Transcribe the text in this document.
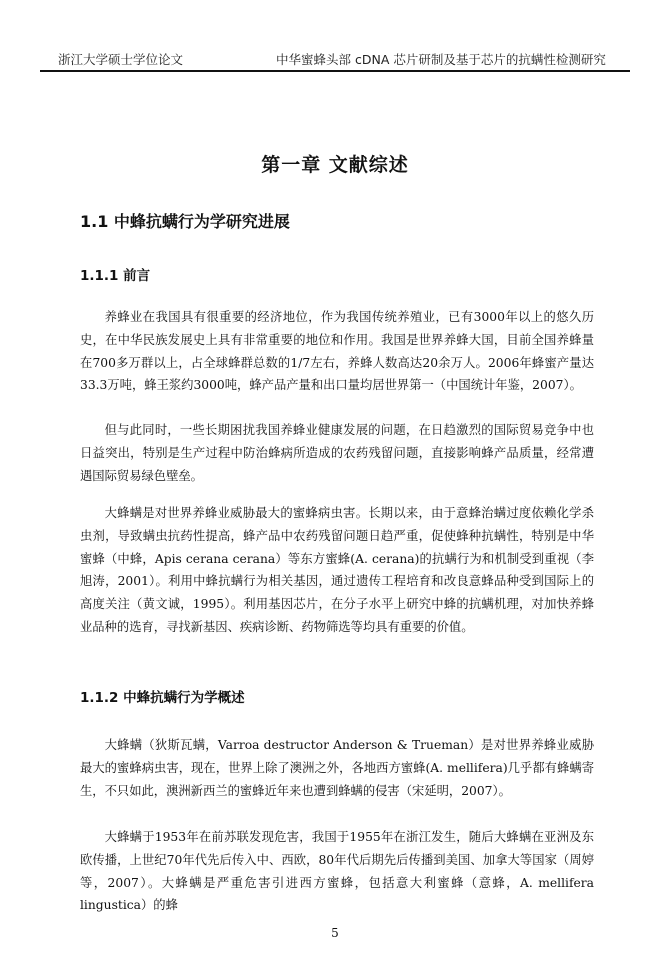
浙江大学硕士学位论文	中华蜜蜂头部 cDNA 芯片研制及基于芯片的抗螨性检测研究
第一章 文献综述
1.1 中蜂抗螨行为学研究进展
1.1.1 前言

养蜂业在我国具有很重要的经济地位，作为我国传统养殖业，已有3000年以上的悠久历史，在中华民族发展史上具有非常重要的地位和作用。我国是世界养蜂大国，目前全国养蜂量在700多万群以上，占全球蜂群总数的1/7左右，养蜂人数高达20余万人。2006年蜂蜜产量达33.3万吨，蜂王浆约3000吨，蜂产品产量和出口量均居世界第一（中国统计年鉴，2007）。

但与此同时，一些长期困扰我国养蜂业健康发展的问题，在日趋激烈的国际贸易竞争中也日益突出，特别是生产过程中防治蜂病所造成的农药残留问题，直接影响蜂产品质量，经常遭遇国际贸易绿色壁垒。

大蜂螨是对世界养蜂业威胁最大的蜜蜂病虫害。长期以来，由于意蜂治螨过度依赖化学杀虫剂，导致螨虫抗药性提高，蜂产品中农药残留问题日趋严重，促使蜂种抗螨性，特别是中华蜜蜂（中蜂，Apis cerana cerana）等东方蜜蜂(A. cerana)的抗螨行为和机制受到重视（李旭涛，2001）。利用中蜂抗螨行为相关基因，通过遗传工程培育和改良意蜂品种受到国际上的高度关注（黄文诚，1995）。利用基因芯片，在分子水平上研究中蜂的抗螨机理，对加快养蜂业品种的选育，寻找新基因、疾病诊断、药物筛选等均具有重要的价值。

1.1.2 中蜂抗螨行为学概述

大蜂螨（狄斯瓦螨，Varroa destructor Anderson & Trueman）是对世界养蜂业威胁最大的蜜蜂病虫害，现在，世界上除了澳洲之外，各地西方蜜蜂(A. mellifera)几乎都有蜂螨寄生，不只如此，澳洲新西兰的蜜蜂近年来也遭到蜂螨的侵害（宋延明，2007）。

大蜂螨于1953年在前苏联发现危害，我国于1955年在浙江发生，随后大蜂螨在亚洲及东欧传播，上世纪70年代先后传入中、西欧，80年代后期先后传播到美国、加拿大等国家（周婷等，2007）。大蜂螨是严重危害引进西方蜜蜂，包括意大利蜜蜂（意蜂，A. mellifera lingustica）的蜂

5
